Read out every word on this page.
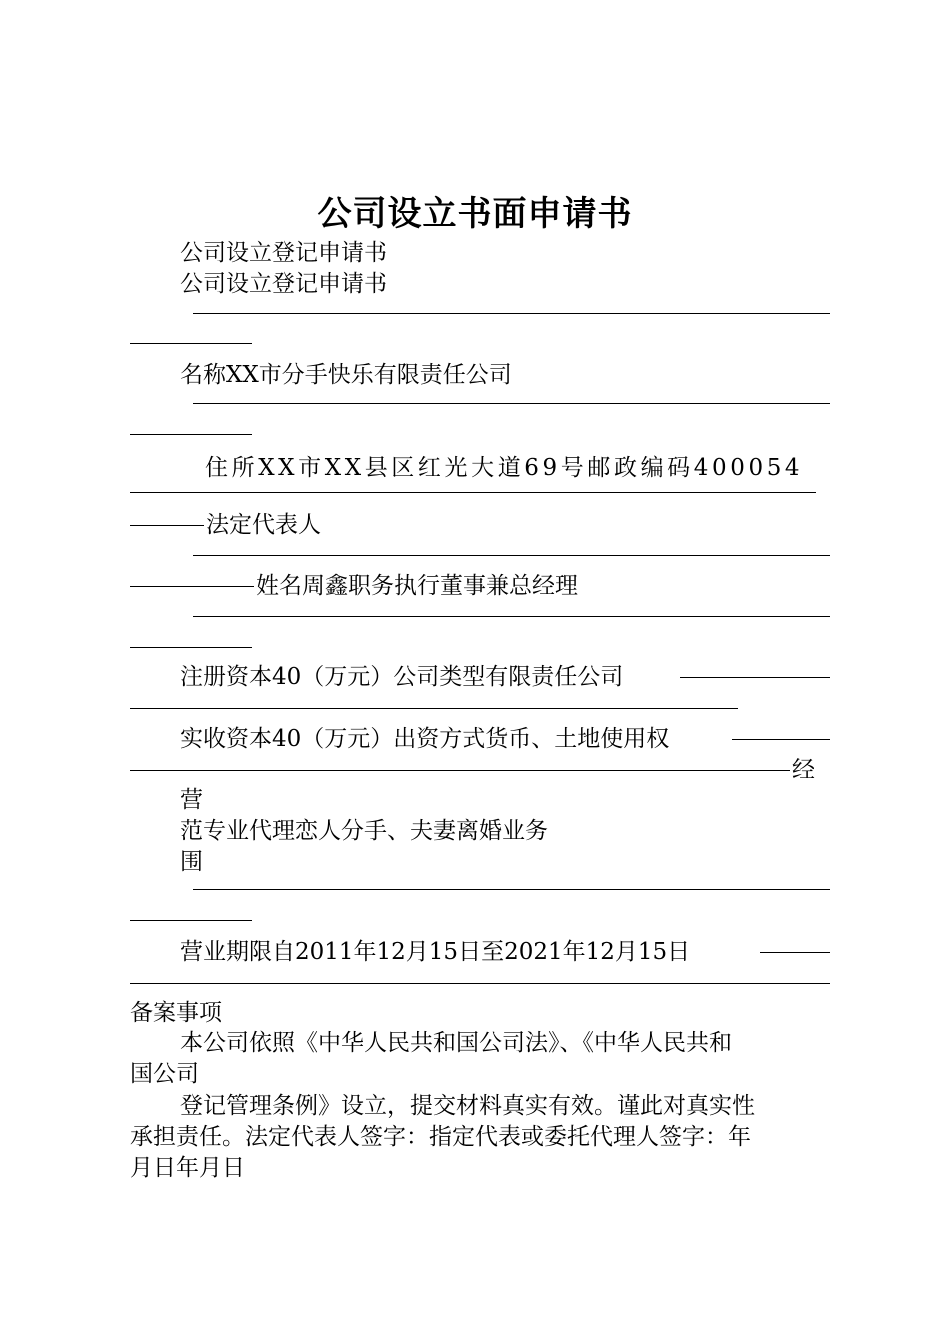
公司设立书面申请书
公司设立登记申请书
公司设立登记申请书
名称XX市分手快乐有限责任公司
住所XX市XX县区红光大道69号邮政编码400054
法定代表人
姓名周鑫职务执行董事兼总经理
注册资本40（万元）公司类型有限责任公司
实收资本40（万元）出资方式货币、土地使用权
经
营
范专业代理恋人分手、夫妻离婚业务
围
营业期限自2011年12月15日至2021年12月15日
备案事项
本公司依照《中华人民共和国公司法》、《中华人民共和
国公司
登记管理条例》设立，提交材料真实有效。谨此对真实性
承担责任。法定代表人签字：指定代表或委托代理人签字：年
月日年月日
